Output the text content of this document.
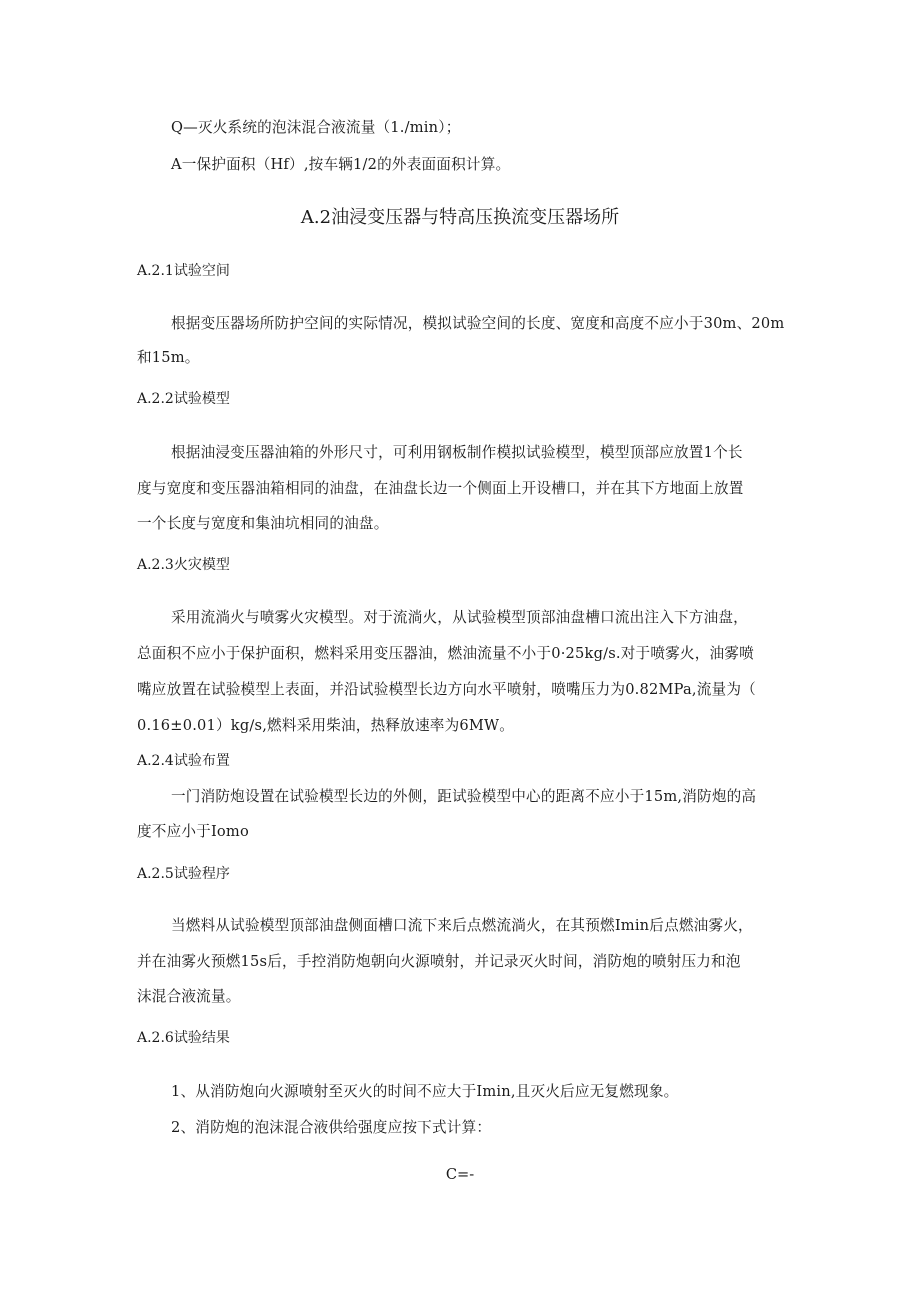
Q—灭火系统的泡沫混合液流量（1./min）；
A一保护面积（Hf）,按车辆1/2的外表面面积计算。
A.2油浸变压器与特高压换流变压器场所
A.2.1试验空间
根据变压器场所防护空间的实际情况，模拟试验空间的长度、宽度和高度不应小于30m、20m
和15m。
A.2.2试验模型
根据油浸变压器油箱的外形尺寸，可利用钢板制作模拟试验模型，模型顶部应放置1个长
度与宽度和变压器油箱相同的油盘，在油盘长边一个侧面上开设槽口，并在其下方地面上放置
一个长度与宽度和集油坑相同的油盘。
A.2.3火灾模型
采用流淌火与喷雾火灾模型。对于流淌火，从试验模型顶部油盘槽口流出注入下方油盘，
总面积不应小于保护面积，燃料采用变压器油，燃油流量不小于0·25kg∕s.对于喷雾火，油雾喷
嘴应放置在试验模型上表面，并沿试验模型长边方向水平喷射，喷嘴压力为0.82MPa,流量为（
0.16±0.01）kg∕s,燃料采用柴油，热释放速率为6MW。
A.2.4试验布置
一门消防炮设置在试验模型长边的外侧，距试验模型中心的距离不应小于15m,消防炮的高
度不应小于Iomo
A.2.5试验程序
当燃料从试验模型顶部油盘侧面槽口流下来后点燃流淌火，在其预燃Imin后点燃油雾火，
并在油雾火预燃15s后，手控消防炮朝向火源喷射，并记录灭火时间，消防炮的喷射压力和泡
沫混合液流量。
A.2.6试验结果
1、从消防炮向火源喷射至灭火的时间不应大于Imin,且灭火后应无复燃现象。
2、消防炮的泡沫混合液供给强度应按下式计算：
C=-
